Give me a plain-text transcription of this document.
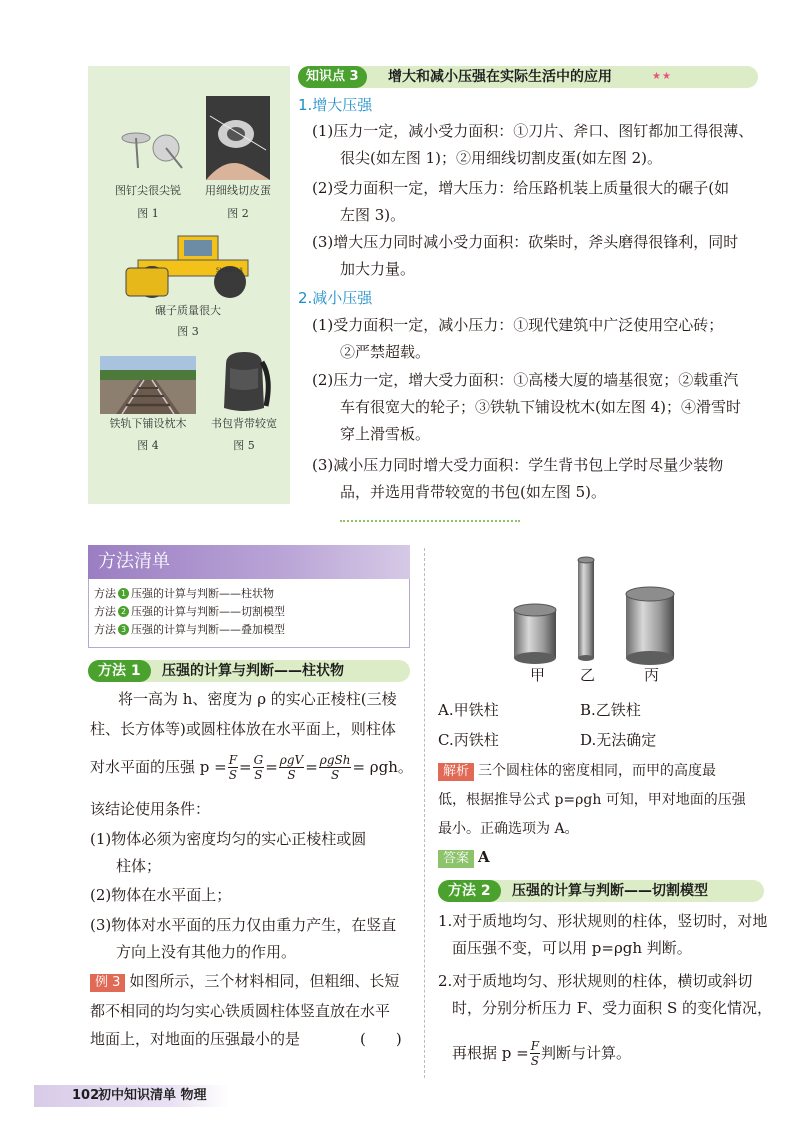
图钉尖很尖锐
图 1
用细线切皮蛋
图 2
SHANTUI
碾子质量很大
图 3
铁轨下铺设枕木
图 4
书包背带较宽
图 5
知识点 3	增大和减小压强在实际生活中的应用	★★
1.增大压强
(1)压力一定，减小受力面积：①刀片、斧口、图钉都加工得很薄、
很尖(如左图 1)；②用细线切割皮蛋(如左图 2)。
(2)受力面积一定，增大压力：给压路机装上质量很大的碾子(如
左图 3)。
(3)增大压力同时减小受力面积：砍柴时，斧头磨得很锋利，同时
加大力量。
2.减小压强
(1)受力面积一定，减小压力：①现代建筑中广泛使用空心砖；
②严禁超载。
(2)压力一定，增大受力面积：①高楼大厦的墙基很宽；②载重汽
车有很宽大的轮子；③铁轨下铺设枕木(如左图 4)；④滑雪时
穿上滑雪板。
(3)减小压力同时增大受力面积：学生背书包上学时尽量少装物
品，并选用背带较宽的书包(如左图 5)。
方法清单
方法 1 压强的计算与判断——柱状物
方法 2 压强的计算与判断——切割模型
方法 3 压强的计算与判断——叠加模型
方法 1	压强的计算与判断——柱状物
将一高为 h、密度为 ρ 的实心正棱柱(三棱
柱、长方体等)或圆柱体放在水平面上，则柱体
对水平面的压强 $p = \frac{F}{S} = \frac{G}{S} = \frac{\text{ρgV}}{S} = \frac{\text{ρgSh}}{S} = \rho gh$。
该结论使用条件：
(1)物体必须为密度均匀的实心正棱柱或圆
柱体；
(2)物体在水平面上；
(3)物体对水平面的压力仅由重力产生，在竖直
方向上没有其他力的作用。
例 3 如图所示，三个材料相同，但粗细、长短
都不相同的均匀实心铁质圆柱体竖直放在水平
地面上，对地面的压强最小的是	(　　)
甲 乙	丙
A.甲铁柱	B.乙铁柱
C.丙铁柱	D.无法确定
解析 三个圆柱体的密度相同，而甲的高度最
低，根据推导公式 p=ρgh 可知，甲对地面的压强
最小。正确选项为 A。
答案 A
方法 2	压强的计算与判断——切割模型
1.对于质地均匀、形状规则的柱体，竖切时，对地
面压强不变，可以用 p=ρgh 判断。
2.对于质地均匀、形状规则的柱体，横切或斜切
时，分别分析压力 F、受力面积 S 的变化情况，
再根据 $p = \frac{F}{S}$ 判断与计算。
102
初中知识清单 物理
